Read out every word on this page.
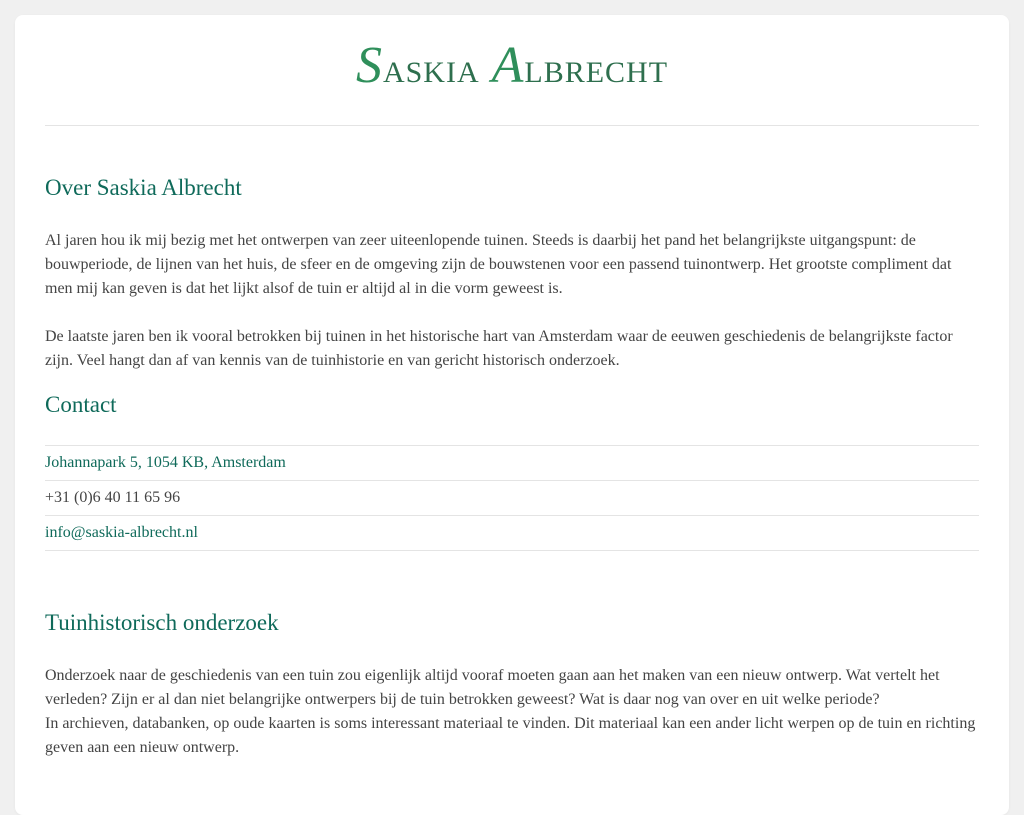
SASKIA ALBRECHT
Over Saskia Albrecht

Al jaren hou ik mij bezig met het ontwerpen van zeer uiteenlopende tuinen. Steeds is daarbij het pand het belangrijkste uitgangspunt: de bouwperiode, de lijnen van het huis, de sfeer en de omgeving zijn de bouwstenen voor een passend tuinontwerp. Het grootste compliment dat men mij kan geven is dat het lijkt alsof de tuin er altijd al in die vorm geweest is.

De laatste jaren ben ik vooral betrokken bij tuinen in het historische hart van Amsterdam waar de eeuwen geschiedenis de belangrijkste factor zijn. Veel hangt dan af van kennis van de tuinhistorie en van gericht historisch onderzoek.

Contact
Johannapark 5, 1054 KB, Amsterdam
+31 (0)6 40 11 65 96
info@saskia-albrecht.nl
Tuinhistorisch onderzoek

Onderzoek naar de geschiedenis van een tuin zou eigenlijk altijd vooraf moeten gaan aan het maken van een nieuw ontwerp. Wat vertelt het verleden? Zijn er al dan niet belangrijke ontwerpers bij de tuin betrokken geweest? Wat is daar nog van over en uit welke periode?
In archieven, databanken, op oude kaarten is soms interessant materiaal te vinden. Dit materiaal kan een ander licht werpen op de tuin en richting geven aan een nieuw ontwerp.
